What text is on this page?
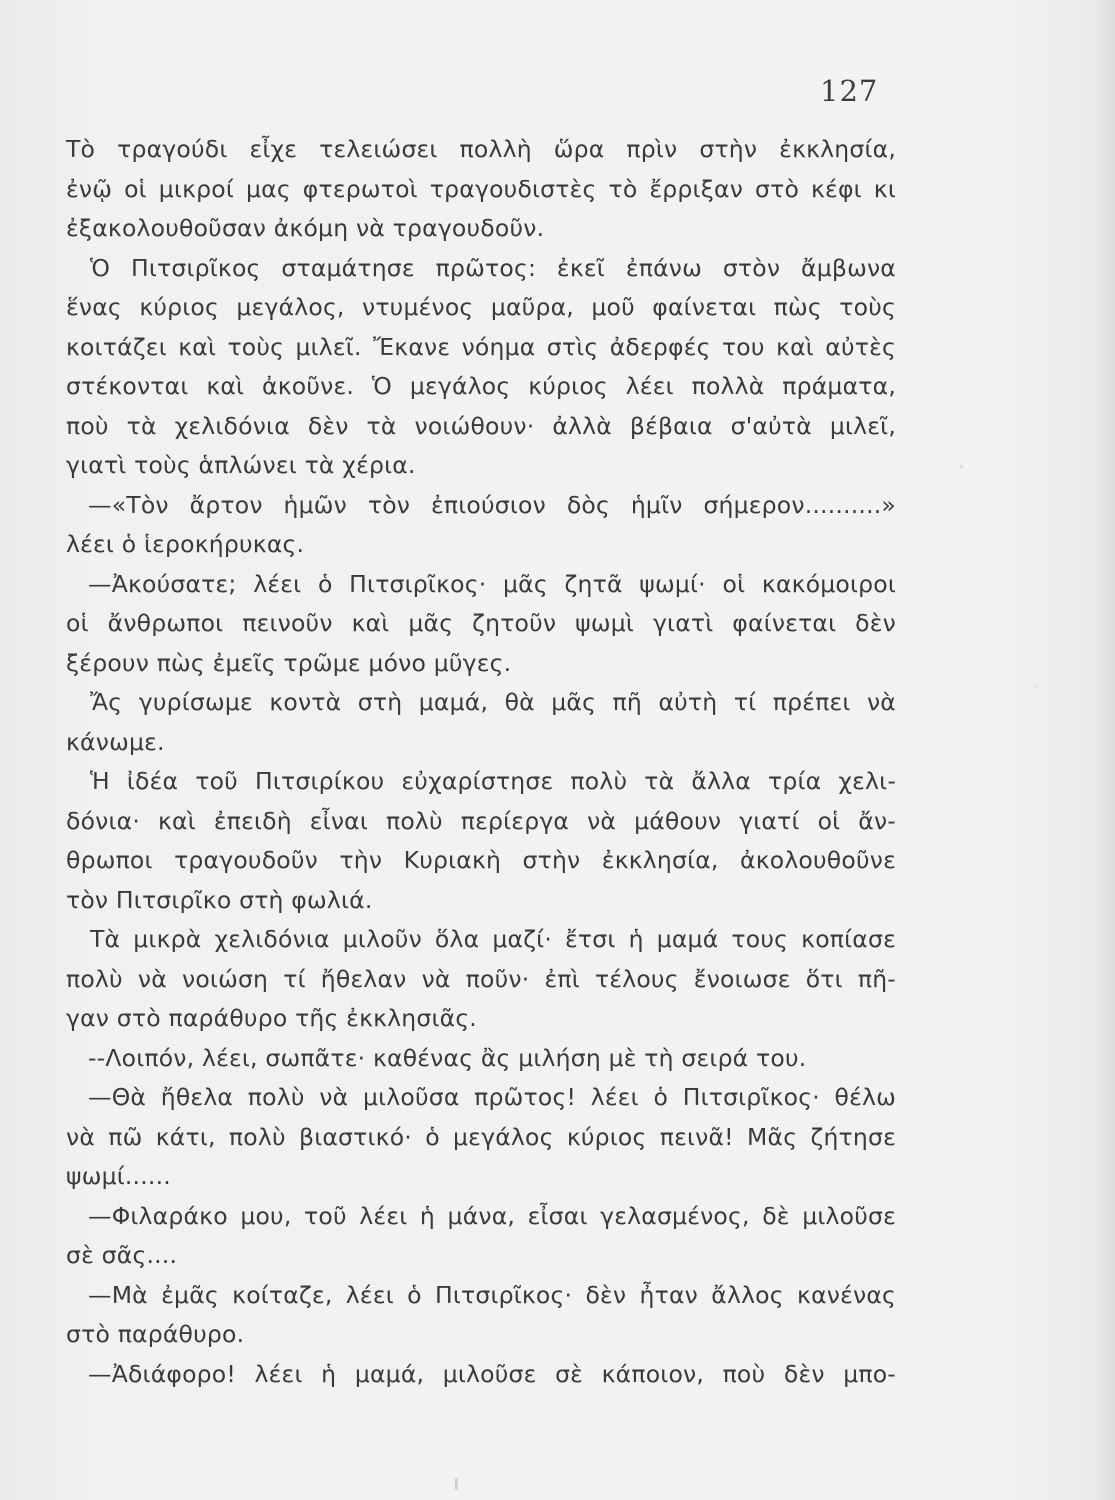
127
Τὸ τραγούδι εἶχε τελειώσει πολλὴ ὥρα πρὶν στὴν ἐκκλησία,
ἐνῷ οἱ μικροί μας φτερωτοὶ τραγουδιστὲς τὸ ἔρριξαν στὸ κέφι κι
ἐξακολουθοῦσαν ἀκόμη νὰ τραγουδοῦν.
Ὁ Πιτσιρῖκος σταμάτησε πρῶτος: ἐκεῖ ἐπάνω στὸν ἄμβωνα
ἕνας κύριος μεγάλος, ντυμένος μαῦρα, μοῦ φαίνεται πὼς τοὺς
κοιτάζει καὶ τοὺς μιλεῖ. Ἔκανε νόημα στὶς ἀδερφές του καὶ αὐτὲς
στέκονται καὶ ἀκοῦνε. Ὁ μεγάλος κύριος λέει πολλὰ πράματα,
ποὺ τὰ χελιδόνια δὲν τὰ νοιώθουν· ἀλλὰ βέβαια σ'αὐτὰ μιλεῖ,
γιατὶ τοὺς ἁπλώνει τὰ χέρια.
—«Τὸν ἄρτον ἡμῶν τὸν ἐπιούσιον δὸς ἡμῖν σήμερον..........»
λέει ὁ ἱεροκήρυκας.
—Ἀκούσατε; λέει ὁ Πιτσιρῖκος· μᾶς ζητᾶ ψωμί· οἱ κακόμοιροι
οἱ ἄνθρωποι πεινοῦν καὶ μᾶς ζητοῦν ψωμὶ γιατὶ φαίνεται δὲν
ξέρουν πὼς ἐμεῖς τρῶμε μόνο μῦγες.
Ἄς γυρίσωμε κοντὰ στὴ μαμά, θὰ μᾶς πῆ αὐτὴ τί πρέπει νὰ
κάνωμε.
Ἡ ἰδέα τοῦ Πιτσιρίκου εὐχαρίστησε πολὺ τὰ ἄλλα τρία χελι-
δόνια· καὶ ἐπειδὴ εἶναι πολὺ περίεργα νὰ μάθουν γιατί οἱ ἄν-
θρωποι τραγουδοῦν τὴν Κυριακὴ στὴν ἐκκλησία, ἀκολουθοῦνε
τὸν Πιτσιρῖκο στὴ φωλιά.
Τὰ μικρὰ χελιδόνια μιλοῦν ὅλα μαζί· ἔτσι ἡ μαμά τους κοπίασε
πολὺ νὰ νοιώση τί ἤθελαν νὰ ποῦν· ἐπὶ τέλους ἔνοιωσε ὅτι πῆ-
γαν στὸ παράθυρο τῆς ἐκκλησιᾶς.
--Λοιπόν, λέει, σωπᾶτε· καθένας ἂς μιλήση μὲ τὴ σειρά του.
—Θὰ ἤθελα πολὺ νὰ μιλοῦσα πρῶτος! λέει ὁ Πιτσιρῖκος· θέλω
νὰ πῶ κάτι, πολὺ βιαστικό· ὁ μεγάλος κύριος πεινᾶ! Μᾶς ζήτησε
ψωμί......
—Φιλαράκο μου, τοῦ λέει ἡ μάνα, εἶσαι γελασμένος, δὲ μιλοῦσε
σὲ σᾶς....
—Μὰ ἐμᾶς κοίταζε, λέει ὁ Πιτσιρῖκος· δὲν ἦταν ἄλλος κανένας
στὸ παράθυρο.
—Ἀδιάφορο! λέει ἡ μαμά, μιλοῦσε σὲ κάποιον, ποὺ δὲν μπο-
